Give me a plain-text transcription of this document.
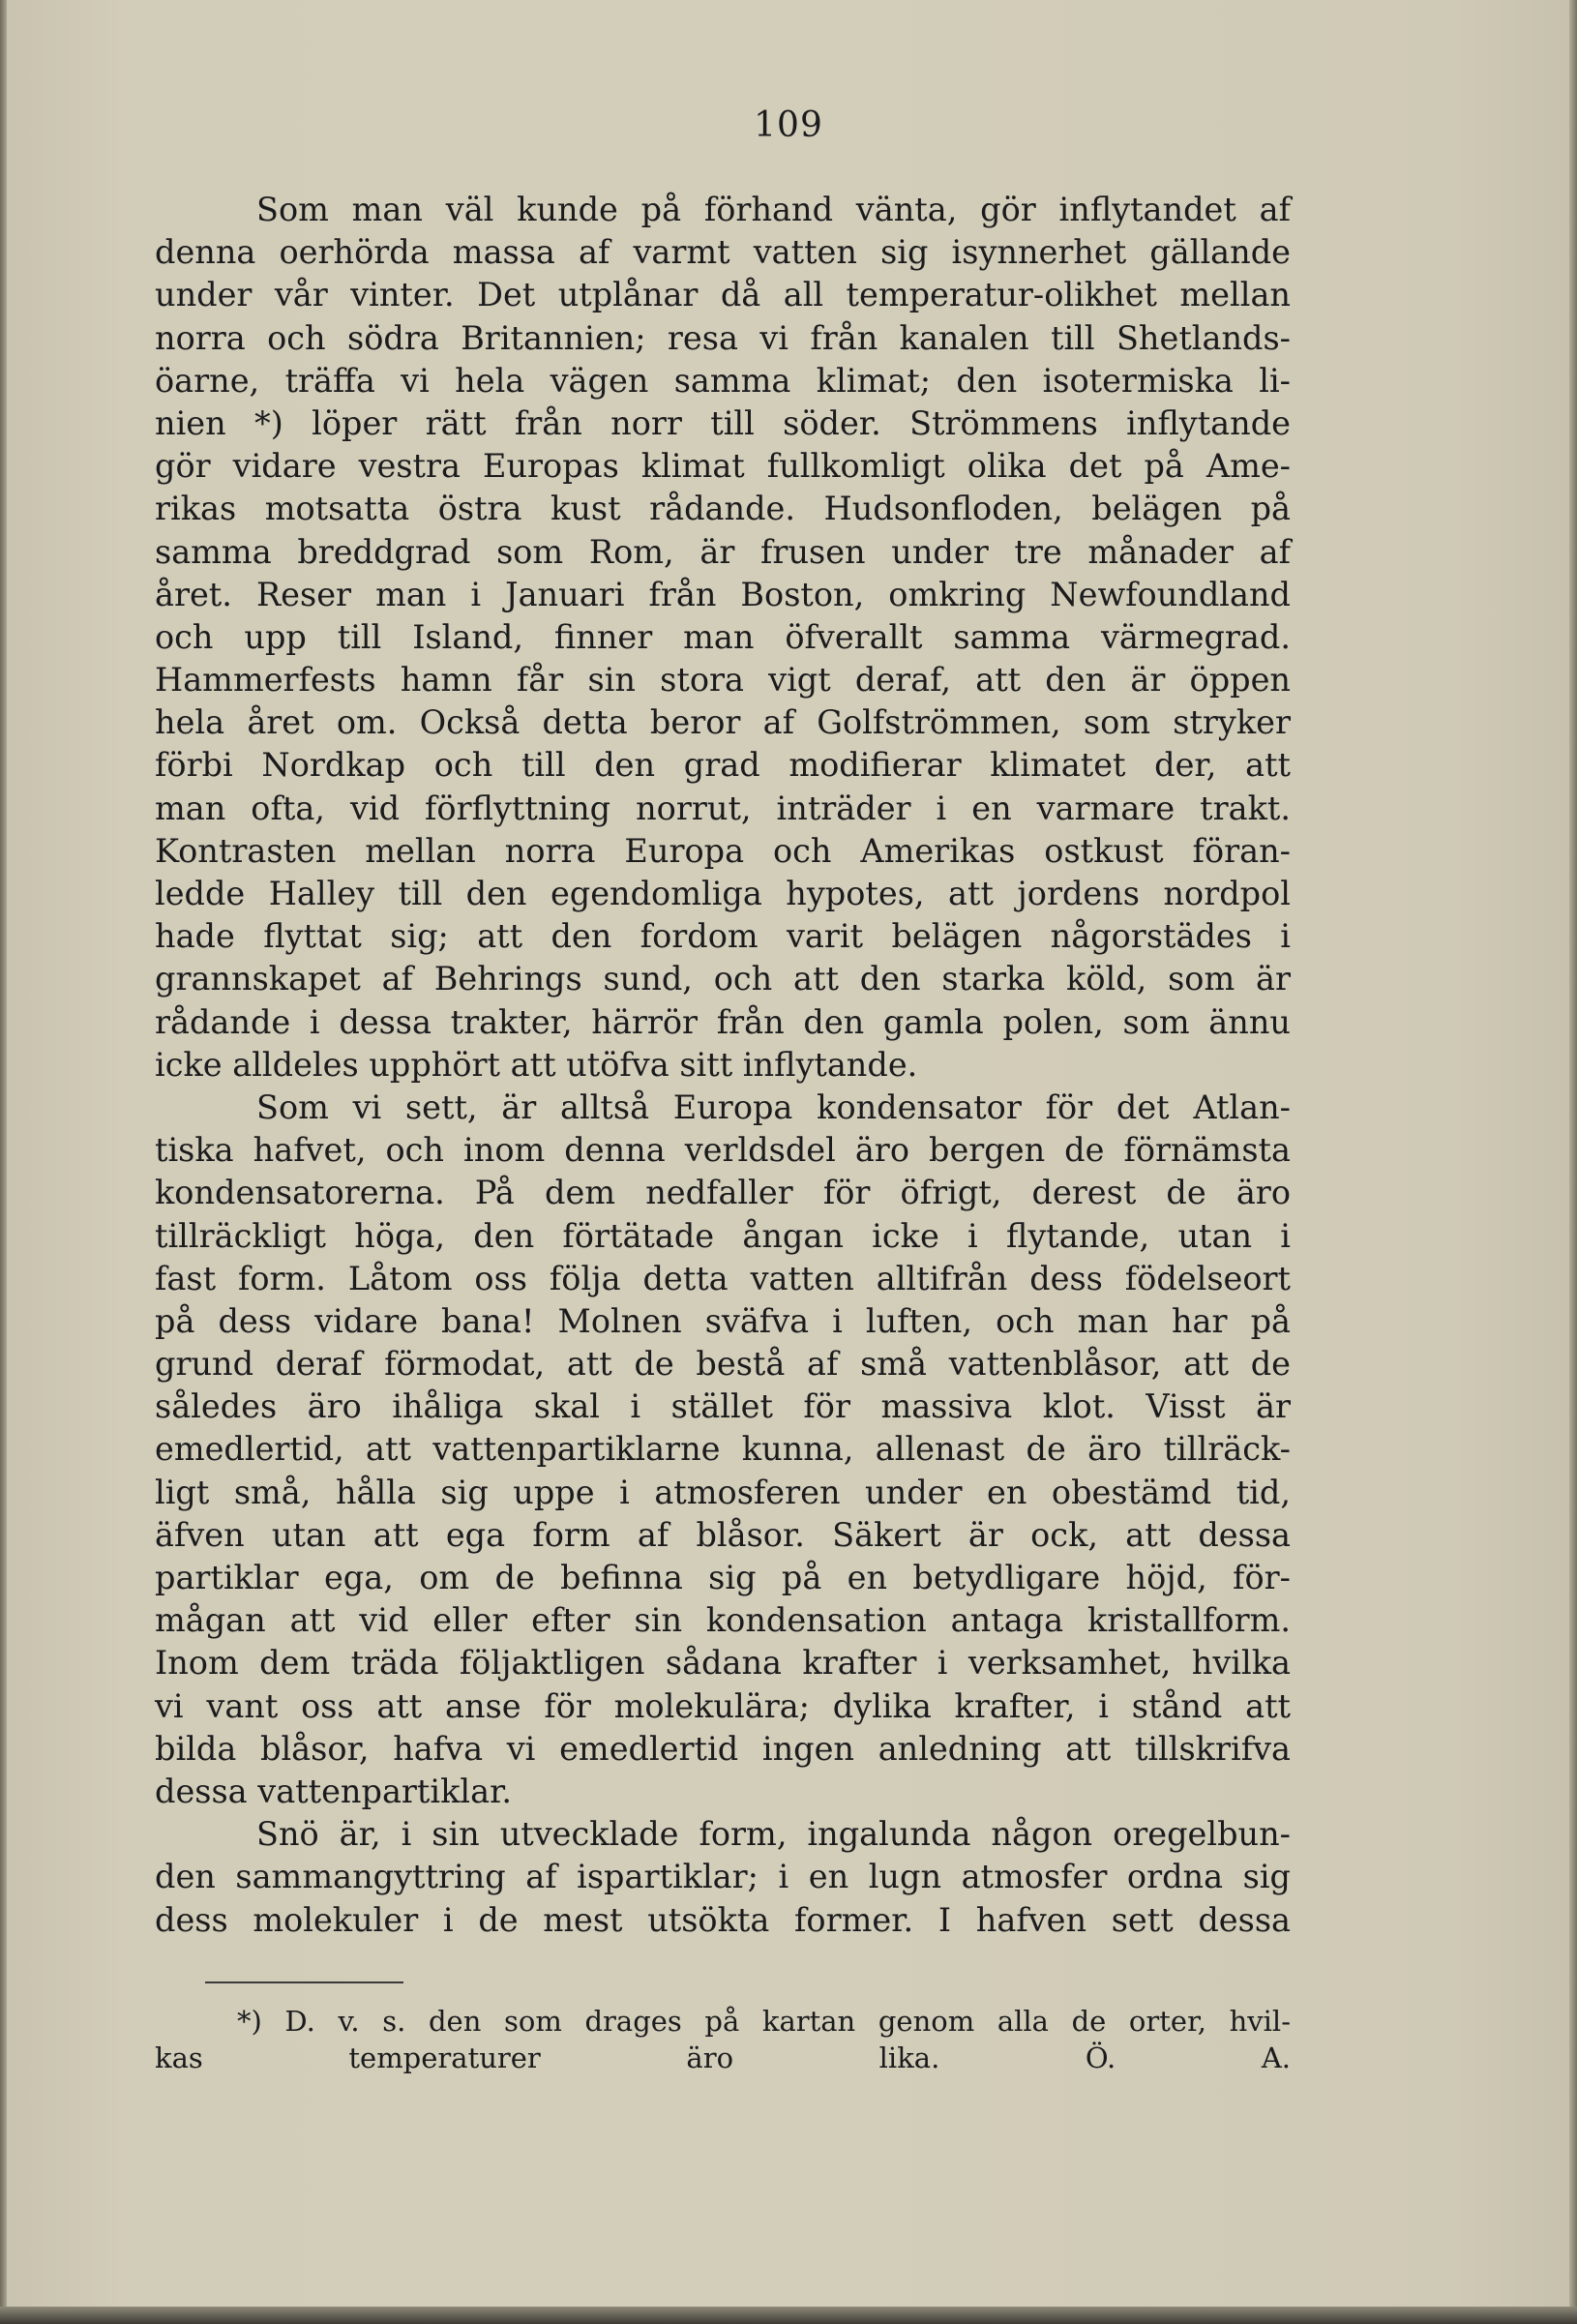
109
Som man väl kunde på förhand vänta, gör inflytandet af
denna oerhörda massa af varmt vatten sig isynnerhet gällande
under vår vinter. Det utplånar då all temperatur-olikhet mellan
norra och södra Britannien; resa vi från kanalen till Shetlands-
öarne, träffa vi hela vägen samma klimat; den isotermiska li-
nien *) löper rätt från norr till söder. Strömmens inflytande
gör vidare vestra Europas klimat fullkomligt olika det på Ame-
rikas motsatta östra kust rådande. Hudsonfloden, belägen på
samma breddgrad som Rom, är frusen under tre månader af
året. Reser man i Januari från Boston, omkring Newfoundland
och upp till Island, finner man öfverallt samma värmegrad.
Hammerfests hamn får sin stora vigt deraf, att den är öppen
hela året om. Också detta beror af Golfströmmen, som stryker
förbi Nordkap och till den grad modifierar klimatet der, att
man ofta, vid förflyttning norrut, inträder i en varmare trakt.
Kontrasten mellan norra Europa och Amerikas ostkust föran-
ledde Halley till den egendomliga hypotes, att jordens nordpol
hade flyttat sig; att den fordom varit belägen någorstädes i
grannskapet af Behrings sund, och att den starka köld, som är
rådande i dessa trakter, härrör från den gamla polen, som ännu
icke alldeles upphört att utöfva sitt inflytande.
Som vi sett, är alltså Europa kondensator för det Atlan-
tiska hafvet, och inom denna verldsdel äro bergen de förnämsta
kondensatorerna. På dem nedfaller för öfrigt, derest de äro
tillräckligt höga, den förtätade ångan icke i flytande, utan i
fast form. Låtom oss följa detta vatten alltifrån dess födelseort
på dess vidare bana! Molnen sväfva i luften, och man har på
grund deraf förmodat, att de bestå af små vattenblåsor, att de
således äro ihåliga skal i stället för massiva klot. Visst är
emedlertid, att vattenpartiklarne kunna, allenast de äro tillräck-
ligt små, hålla sig uppe i atmosferen under en obestämd tid,
äfven utan att ega form af blåsor. Säkert är ock, att dessa
partiklar ega, om de befinna sig på en betydligare höjd, för-
mågan att vid eller efter sin kondensation antaga kristallform.
Inom dem träda följaktligen sådana krafter i verksamhet, hvilka
vi vant oss att anse för molekulära; dylika krafter, i stånd att
bilda blåsor, hafva vi emedlertid ingen anledning att tillskrifva
dessa vattenpartiklar.
Snö är, i sin utvecklade form, ingalunda någon oregelbun-
den sammangyttring af ispartiklar; i en lugn atmosfer ordna sig
dess molekuler i de mest utsökta former. I hafven sett dessa
*) D. v. s. den som drages på kartan genom alla de orter, hvil-
kas temperaturer äro lika. Ö. A.
